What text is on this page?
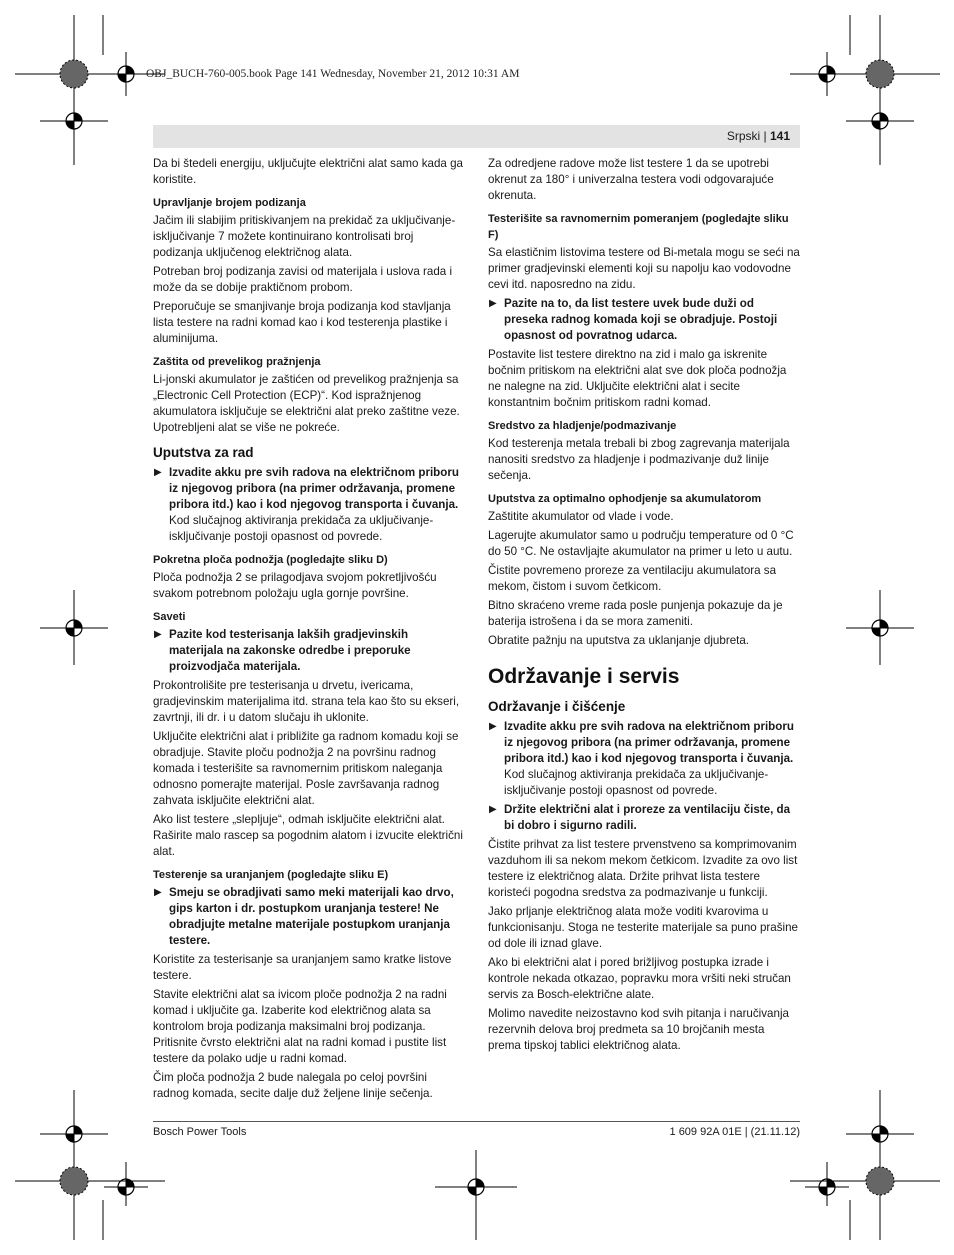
OBJ_BUCH-760-005.book Page 141 Wednesday, November 21, 2012 10:31 AM
Srpski | 141

Da bi štedeli energiju, uključujte električni alat samo kada ga koristite.

Upravljanje brojem podizanja

Jačim ili slabijim pritiskivanjem na prekidač za uključivanje-isključivanje 7 možete kontinuirano kontrolisati broj podizanja uključenog električnog alata.

Potreban broj podizanja zavisi od materijala i uslova rada i može da se dobije praktičnom probom.

Preporučuje se smanjivanje broja podizanja kod stavljanja lista testere na radni komad kao i kod testerenja plastike i aluminijuma.

Zaštita od prevelikog pražnjenja

Li-jonski akumulator je zaštićen od prevelikog pražnjenja sa „Electronic Cell Protection (ECP)“. Kod ispražnjenog akumulatora isključuje se električni alat preko zaštitne veze. Upotrebljeni alat se više ne pokreće.

Uputstva za rad
▶ Izvadite akku pre svih radova na električnom priboru iz njegovog pribora (na primer održavanja, promene pribora itd.) kao i kod njegovog transporta i čuvanja.
Kod slučajnog aktiviranja prekidača za uključivanje-isključivanje postoji opasnost od povrede.
Pokretna ploča podnožja (pogledajte sliku D)

Ploča podnožja 2 se prilagodjava svojom pokretljivošću svakom potrebnom položaju ugla gornje površine.

Saveti
▶ Pazite kod testerisanja lakših gradjevinskih materijala na zakonske odredbe i preporuke proizvodjača materijala.

Prokontrolišite pre testerisanja u drvetu, ivericama, gradjevinskim materijalima itd. strana tela kao što su ekseri, zavrtnji, ili dr. i u datom slučaju ih uklonite.

Uključite električni alat i približite ga radnom komadu koji se obradjuje. Stavite ploču podnožja 2 na površinu radnog komada i testerišite sa ravnomernim pritiskom naleganja odnosno pomerajte materijal. Posle završavanja radnog zahvata isključite električni alat.

Ako list testere „slepljuje“, odmah isključite električni alat. Raširite malo rascep sa pogodnim alatom i izvucite električni alat.

Testerenje sa uranjanjem (pogledajte sliku E)
▶ Smeju se obradjivati samo meki materijali kao drvo, gips karton i dr. postupkom uranjanja testere! Ne obradjujte metalne materijale postupkom uranjanja testere.

Koristite za testerisanje sa uranjanjem samo kratke listove testere.

Stavite električni alat sa ivicom ploče podnožja 2 na radni komad i uključite ga. Izaberite kod električnog alata sa kontrolom broja podizanja maksimalni broj podizanja. Pritisnite čvrsto električni alat na radni komad i pustite list testere da polako udje u radni komad.

Čim ploča podnožja 2 bude nalegala po celoj površini radnog komada, secite dalje duž željene linije sečenja.

Za odredjene radove može list testere 1 da se upotrebi okrenut za 180° i univerzalna testera vodi odgovarajuće okrenuta.

Testerišite sa ravnomernim pomeranjem (pogledajte sliku F)

Sa elastičnim listovima testere od Bi-metala mogu se seći na primer gradjevinski elementi koji su napolju kao vodovodne cevi itd. naposredno na zidu.

▶ Pazite na to, da list testere uvek bude duži od preseka radnog komada koji se obradjuje. Postoji opasnost od povratnog udarca.

Postavite list testere direktno na zid i malo ga iskrenite bočnim pritiskom na električni alat sve dok ploča podnožja ne nalegne na zid. Uključite električni alat i secite konstantnim bočnim pritiskom radni komad.

Sredstvo za hladjenje/podmazivanje

Kod testerenja metala trebali bi zbog zagrevanja materijala nanositi sredstvo za hladjenje i podmazivanje duž linije sečenja.

Uputstva za optimalno ophodjenje sa akumulatorom

Zaštitite akumulator od vlade i vode.

Lagerujte akumulator samo u području temperature od 0 °C do 50 °C. Ne ostavljajte akumulator na primer u leto u autu.

Čistite povremeno proreze za ventilaciju akumulatora sa mekom, čistom i suvom četkicom.

Bitno skraćeno vreme rada posle punjenja pokazuje da je baterija istrošena i da se mora zameniti.

Obratite pažnju na uputstva za uklanjanje djubreta.

Održavanje i servis
Održavanje i čišćenje
▶ Izvadite akku pre svih radova na električnom priboru iz njegovog pribora (na primer održavanja, promene pribora itd.) kao i kod njegovog transporta i čuvanja.
Kod slučajnog aktiviranja prekidača za uključivanje-isključivanje postoji opasnost od povrede.
▶ Držite električni alat i proreze za ventilaciju čiste, da bi dobro i sigurno radili.

Čistite prihvat za list testere prvenstveno sa komprimovanim vazduhom ili sa nekom mekom četkicom. Izvadite za ovo list testere iz električnog alata. Držite prihvat lista testere koristeći pogodna sredstva za podmazivanje u funkciji.

Jako prljanje električnog alata može voditi kvarovima u funkcionisanju. Stoga ne testerite materijale sa puno prašine od dole ili iznad glave.

Ako bi električni alat i pored brižljivog postupka izrade i kontrole nekada otkazao, popravku mora vršiti neki stručan servis za Bosch-električne alate.

Molimo navedite neizostavno kod svih pitanja i naručivanja rezervnih delova broj predmeta sa 10 brojčanih mesta prema tipskoj tablici električnog alata.

Bosch Power Tools	1 609 92A 01E | (21.11.12)
